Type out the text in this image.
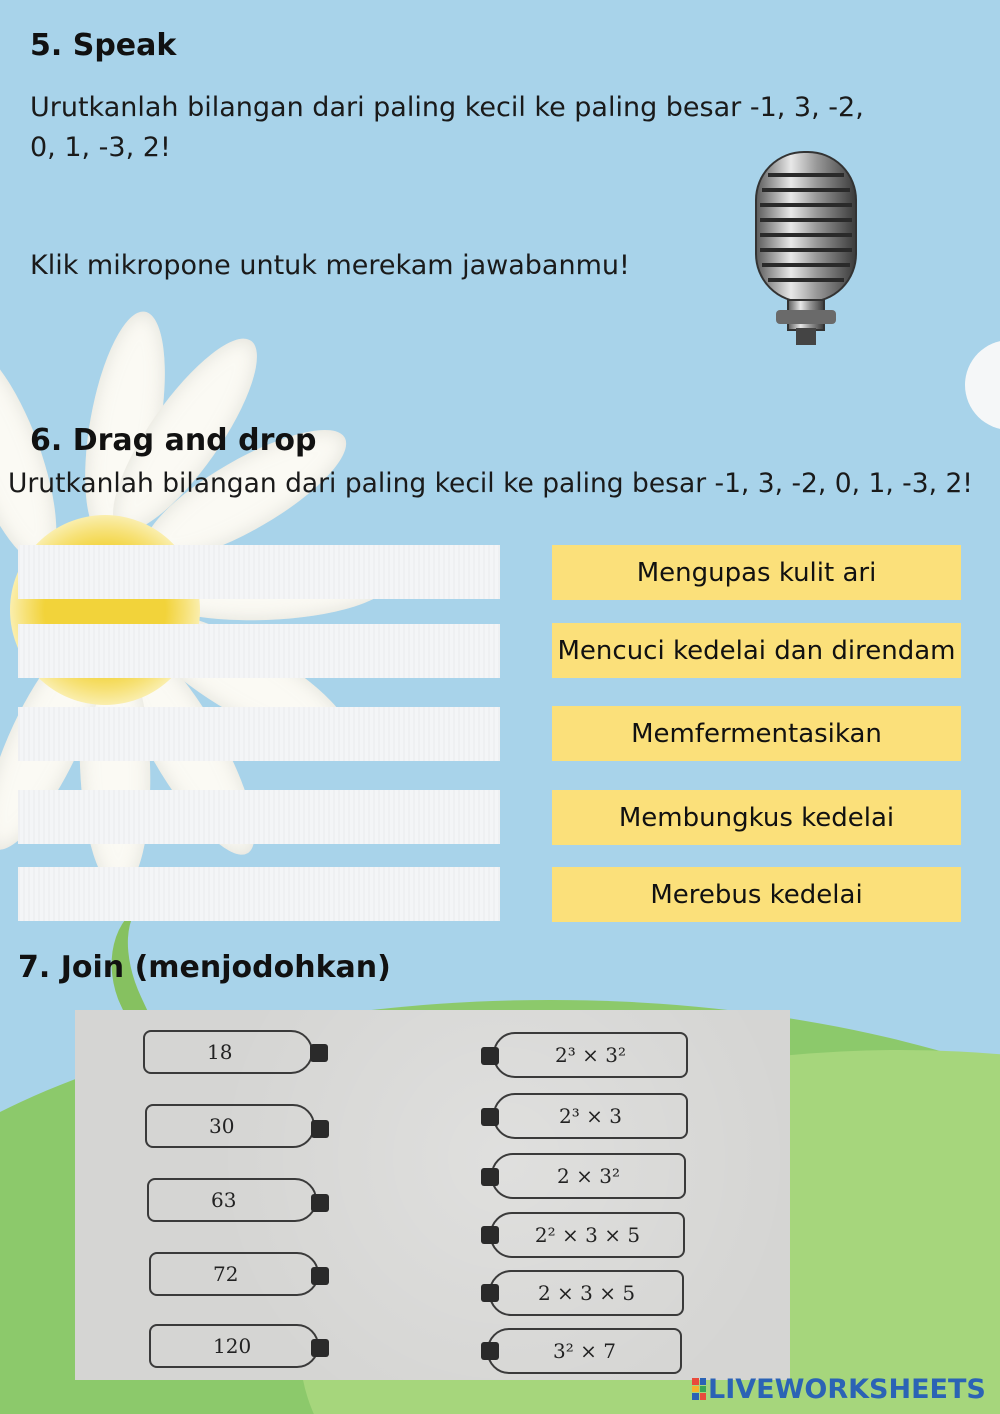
5. Speak

Urutkanlah bilangan dari paling kecil ke paling besar -1, 3, -2,

0, 1, -3, 2!

Klik mikropone untuk merekam jawabanmu!

6. Drag and drop

Urutkanlah bilangan dari paling kecil ke paling besar -1, 3, -2, 0, 1, -3, 2!

Mengupas kulit ari
Mencuci kedelai dan direndam
Memfermentasikan
Membungkus kedelai
Merebus kedelai
7. Join (menjodohkan)
18
30
63
72
120
2³ × 3²
2³ × 3
2 × 3²
2² × 3 × 5
2 × 3 × 5
3² × 7
LIVEWORKSHEETS
